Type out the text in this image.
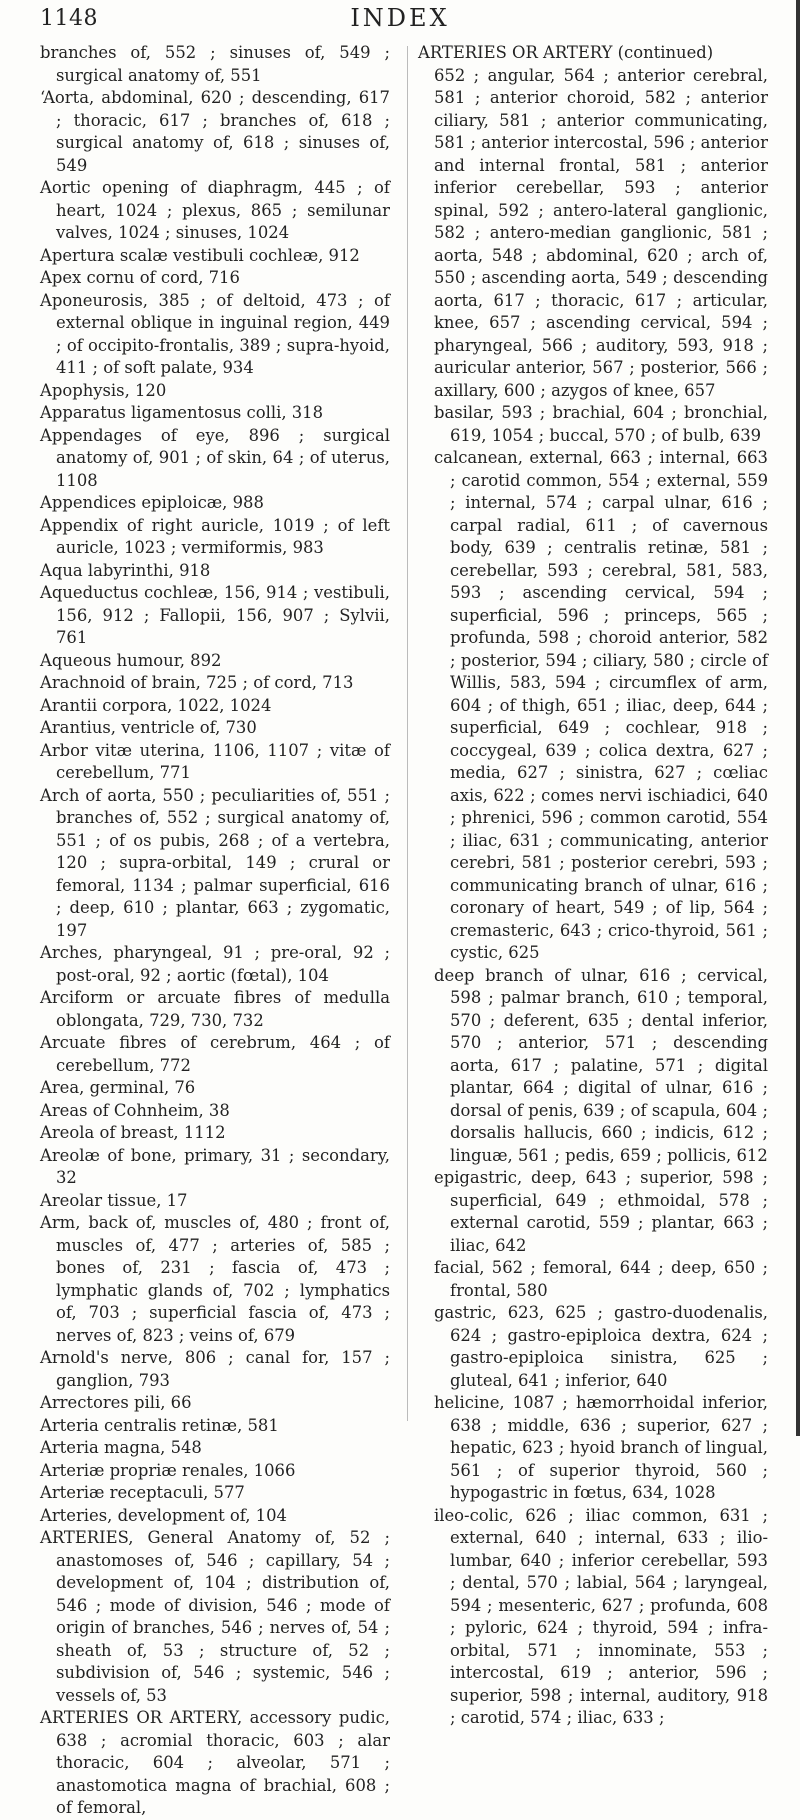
1148	INDEX
branches of, 552 ; sinuses of, 549 ; surgical anatomy of, 551
‘Aorta, abdominal, 620 ; descending, 617 ; thoracic, 617 ; branches of, 618 ; surgical anatomy of, 618 ; sinuses of, 549
Aortic opening of diaphragm, 445 ; of heart, 1024 ; plexus, 865 ; semilunar valves, 1024 ; sinuses, 1024
Apertura scalæ vestibuli cochleæ, 912
Apex cornu of cord, 716
Aponeurosis, 385 ; of deltoid, 473 ; of external oblique in inguinal region, 449 ; of occipito-frontalis, 389 ; supra-hyoid, 411 ; of soft palate, 934
Apophysis, 120
Apparatus ligamentosus colli, 318
Appendages of eye, 896 ; surgical anatomy of, 901 ; of skin, 64 ; of uterus, 1108
Appendices epiploicæ, 988
Appendix of right auricle, 1019 ; of left auricle, 1023 ; vermiformis, 983
Aqua labyrinthi, 918
Aqueductus cochleæ, 156, 914 ; vestibuli, 156, 912 ; Fallopii, 156, 907 ; Sylvii, 761
Aqueous humour, 892
Arachnoid of brain, 725 ; of cord, 713
Arantii corpora, 1022, 1024
Arantius, ventricle of, 730
Arbor vitæ uterina, 1106, 1107 ; vitæ of cerebellum, 771
Arch of aorta, 550 ; peculiarities of, 551 ; branches of, 552 ; surgical anatomy of, 551 ; of os pubis, 268 ; of a vertebra, 120 ; supra-orbital, 149 ; crural or femoral, 1134 ; palmar superficial, 616 ; deep, 610 ; plantar, 663 ; zygomatic, 197
Arches, pharyngeal, 91 ; pre-oral, 92 ; post-oral, 92 ; aortic (fœtal), 104
Arciform or arcuate fibres of medulla oblongata, 729, 730, 732
Arcuate fibres of cerebrum, 464 ; of cerebellum, 772
Area, germinal, 76
Areas of Cohnheim, 38
Areola of breast, 1112
Areolæ of bone, primary, 31 ; secondary, 32
Areolar tissue, 17
Arm, back of, muscles of, 480 ; front of, muscles of, 477 ; arteries of, 585 ; bones of, 231 ; fascia of, 473 ; lymphatic glands of, 702 ; lymphatics of, 703 ; superficial fascia of, 473 ; nerves of, 823 ; veins of, 679
Arnold's nerve, 806 ; canal for, 157 ; ganglion, 793
Arrectores pili, 66
Arteria centralis retinæ, 581
Arteria magna, 548
Arteriæ propriæ renales, 1066
Arteriæ receptaculi, 577
Arteries, development of, 104
ARTERIES, General Anatomy of, 52 ; anastomoses of, 546 ; capillary, 54 ; development of, 104 ; distribution of, 546 ; mode of division, 546 ; mode of origin of branches, 546 ; nerves of, 54 ; sheath of, 53 ; structure of, 52 ; subdivision of, 546 ; systemic, 546 ; vessels of, 53
ARTERIES OR ARTERY, accessory pudic, 638 ; acromial thoracic, 603 ; alar thoracic, 604 ; alveolar, 571 ; anastomotica magna of brachial, 608 ; of femoral,
ARTERIES OR ARTERY (continued)
652 ; angular, 564 ; anterior cerebral, 581 ; anterior choroid, 582 ; anterior ciliary, 581 ; anterior communicating, 581 ; anterior intercostal, 596 ; anterior and internal frontal, 581 ; anterior inferior cerebellar, 593 ; anterior spinal, 592 ; antero-lateral ganglionic, 582 ; antero-median ganglionic, 581 ; aorta, 548 ; abdominal, 620 ; arch of, 550 ; ascending aorta, 549 ; descending aorta, 617 ; thoracic, 617 ; articular, knee, 657 ; ascending cervical, 594 ; pharyngeal, 566 ; auditory, 593, 918 ; auricular anterior, 567 ; posterior, 566 ; axillary, 600 ; azygos of knee, 657
basilar, 593 ; brachial, 604 ; bronchial, 619, 1054 ; buccal, 570 ; of bulb, 639
calcanean, external, 663 ; internal, 663 ; carotid common, 554 ; external, 559 ; internal, 574 ; carpal ulnar, 616 ; carpal radial, 611 ; of cavernous body, 639 ; centralis retinæ, 581 ; cerebellar, 593 ; cerebral, 581, 583, 593 ; ascending cervical, 594 ; superficial, 596 ; princeps, 565 ; profunda, 598 ; choroid anterior, 582 ; posterior, 594 ; ciliary, 580 ; circle of Willis, 583, 594 ; circumflex of arm, 604 ; of thigh, 651 ; iliac, deep, 644 ; superficial, 649 ; cochlear, 918 ; coccygeal, 639 ; colica dextra, 627 ; media, 627 ; sinistra, 627 ; cœliac axis, 622 ; comes nervi ischiadici, 640 ; phrenici, 596 ; common carotid, 554 ; iliac, 631 ; communicating, anterior cerebri, 581 ; posterior cerebri, 593 ; communicating branch of ulnar, 616 ; coronary of heart, 549 ; of lip, 564 ; cremasteric, 643 ; crico-thyroid, 561 ; cystic, 625
deep branch of ulnar, 616 ; cervical, 598 ; palmar branch, 610 ; temporal, 570 ; deferent, 635 ; dental inferior, 570 ; anterior, 571 ; descending aorta, 617 ; palatine, 571 ; digital plantar, 664 ; digital of ulnar, 616 ; dorsal of penis, 639 ; of scapula, 604 ; dorsalis hallucis, 660 ; indicis, 612 ; linguæ, 561 ; pedis, 659 ; pollicis, 612
epigastric, deep, 643 ; superior, 598 ; superficial, 649 ; ethmoidal, 578 ; external carotid, 559 ; plantar, 663 ; iliac, 642
facial, 562 ; femoral, 644 ; deep, 650 ; frontal, 580
gastric, 623, 625 ; gastro-duodenalis, 624 ; gastro-epiploica dextra, 624 ; gastro-epiploica sinistra, 625 ; gluteal, 641 ; inferior, 640
helicine, 1087 ; hæmorrhoidal inferior, 638 ; middle, 636 ; superior, 627 ; hepatic, 623 ; hyoid branch of lingual, 561 ; of superior thyroid, 560 ; hypogastric in fœtus, 634, 1028
ileo-colic, 626 ; iliac common, 631 ; external, 640 ; internal, 633 ; ilio-lumbar, 640 ; inferior cerebellar, 593 ; dental, 570 ; labial, 564 ; laryngeal, 594 ; mesenteric, 627 ; profunda, 608 ; pyloric, 624 ; thyroid, 594 ; infra-orbital, 571 ; innominate, 553 ; intercostal, 619 ; anterior, 596 ; superior, 598 ; internal, auditory, 918 ; carotid, 574 ; iliac, 633 ;
